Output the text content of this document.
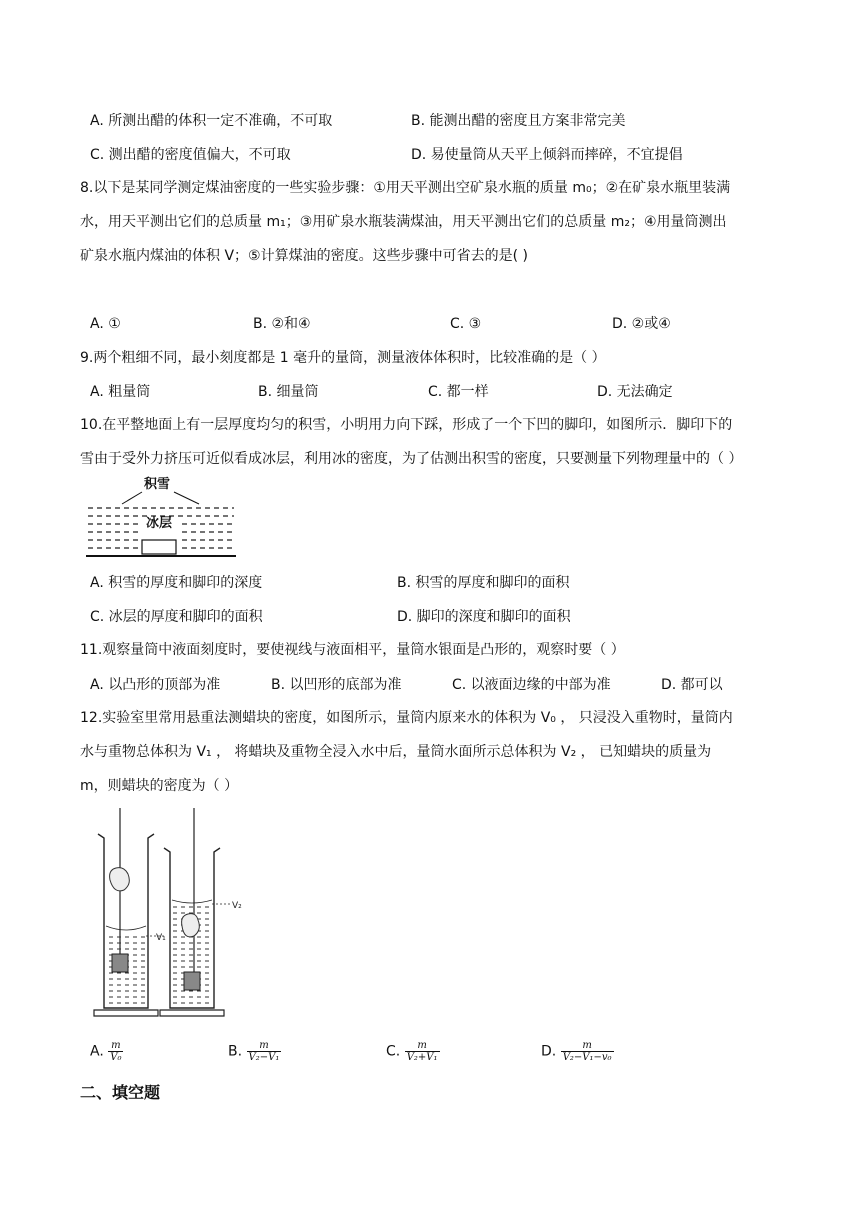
A. 所测出醋的体积一定不准确，不可取	B. 能测出醋的密度且方案非常完美
C. 测出醋的密度值偏大，不可取	D. 易使量筒从天平上倾斜而摔碎，不宜提倡
8.以下是某同学测定煤油密度的一些实验步骤：①用天平测出空矿泉水瓶的质量 m₀；②在矿泉水瓶里装满
水，用天平测出它们的总质量 m₁；③用矿泉水瓶装满煤油，用天平测出它们的总质量 m₂；④用量筒测出
矿泉水瓶内煤油的体积 V；⑤计算煤油的密度。这些步骤中可省去的是( )
A. ①	B. ②和④	C. ③	D. ②或④
9.两个粗细不同，最小刻度都是 1 毫升的量筒，测量液体体积时，比较准确的是（ ）
A. 粗量筒	B. 细量筒	C. 都一样	D. 无法确定
10.在平整地面上有一层厚度均匀的积雪，小明用力向下踩，形成了一个下凹的脚印，如图所示．脚印下的
雪由于受外力挤压可近似看成冰层，利用冰的密度，为了估测出积雪的密度，只要测量下列物理量中的（ ）
积雪
冰层
A. 积雪的厚度和脚印的深度	B. 积雪的厚度和脚印的面积
C. 冰层的厚度和脚印的面积	D. 脚印的深度和脚印的面积
11.观察量筒中液面刻度时，要使视线与液面相平，量筒水银面是凸形的，观察时要（ ）
A. 以凸形的顶部为准	B. 以凹形的底部为准	C. 以液面边缘的中部为准	D. 都可以
12.实验室里常用悬重法测蜡块的密度，如图所示，量筒内原来水的体积为 V₀ ， 只浸没入重物时，量筒内
水与重物总体积为 V₁ ， 将蜡块及重物全浸入水中后，量筒水面所示总体积为 V₂ ， 已知蜡块的质量为
m，则蜡块的密度为（ ）
V₁
V₂
A. $\frac{m}{\text{V₀}}$	B. $\frac{m}{\text{V₂−V₁}}$	C. $\frac{m}{\text{V₂+V₁}}$	D. $\frac{m}{\text{V₂−V₁−v₀}}$
二、填空题
